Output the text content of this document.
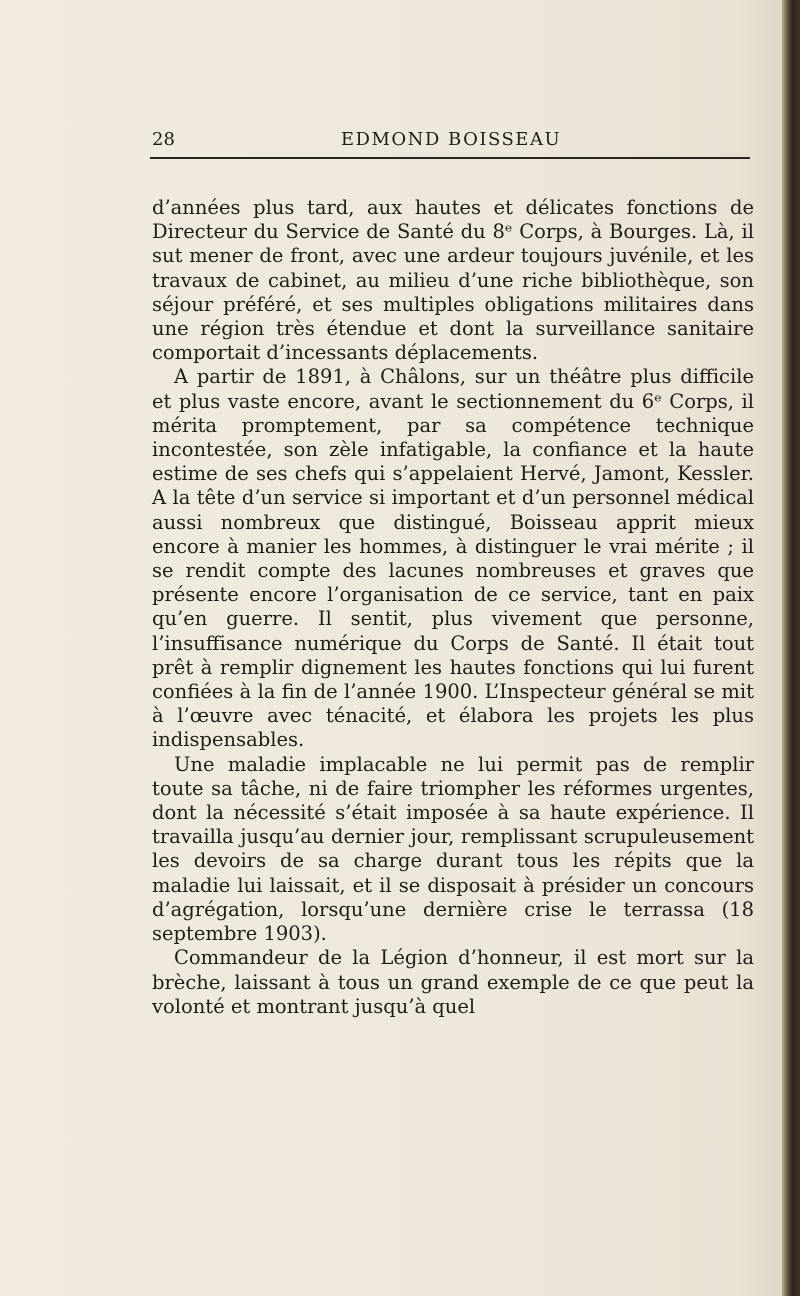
28	EDMOND BOISSEAU

d’années plus tard, aux hautes et délicates fonctions de Directeur du Service de Santé du 8ᵉ Corps, à Bourges. Là, il sut mener de front, avec une ardeur toujours juvénile, et les travaux de cabinet, au milieu d’une riche bibliothèque, son séjour préféré, et ses multiples obligations militaires dans une région très étendue et dont la surveillance sanitaire comportait d’incessants déplacements.

A partir de 1891, à Châlons, sur un théâtre plus difficile et plus vaste encore, avant le sectionnement du 6ᵉ Corps, il mérita promptement, par sa compétence technique incontestée, son zèle infatigable, la confiance et la haute estime de ses chefs qui s’appelaient Hervé, Jamont, Kessler. A la tête d’un service si important et d’un personnel médical aussi nombreux que distingué, Boisseau apprit mieux encore à manier les hommes, à distinguer le vrai mérite ; il se rendit compte des lacunes nombreuses et graves que présente encore l’organisation de ce service, tant en paix qu’en guerre. Il sentit, plus vivement que personne, l’insuffisance numérique du Corps de Santé. Il était tout prêt à remplir dignement les hautes fonctions qui lui furent confiées à la fin de l’année 1900. L’Inspecteur général se mit à l’œuvre avec ténacité, et élabora les projets les plus indispensables.

Une maladie implacable ne lui permit pas de remplir toute sa tâche, ni de faire triompher les réformes urgentes, dont la nécessité s’était imposée à sa haute expérience. Il travailla jusqu’au dernier jour, remplissant scrupuleusement les devoirs de sa charge durant tous les répits que la maladie lui laissait, et il se disposait à présider un concours d’agrégation, lorsqu’une dernière crise le terrassa (18 septembre 1903).

Commandeur de la Légion d’honneur, il est mort sur la brèche, laissant à tous un grand exemple de ce que peut la volonté et montrant jusqu’à quel
